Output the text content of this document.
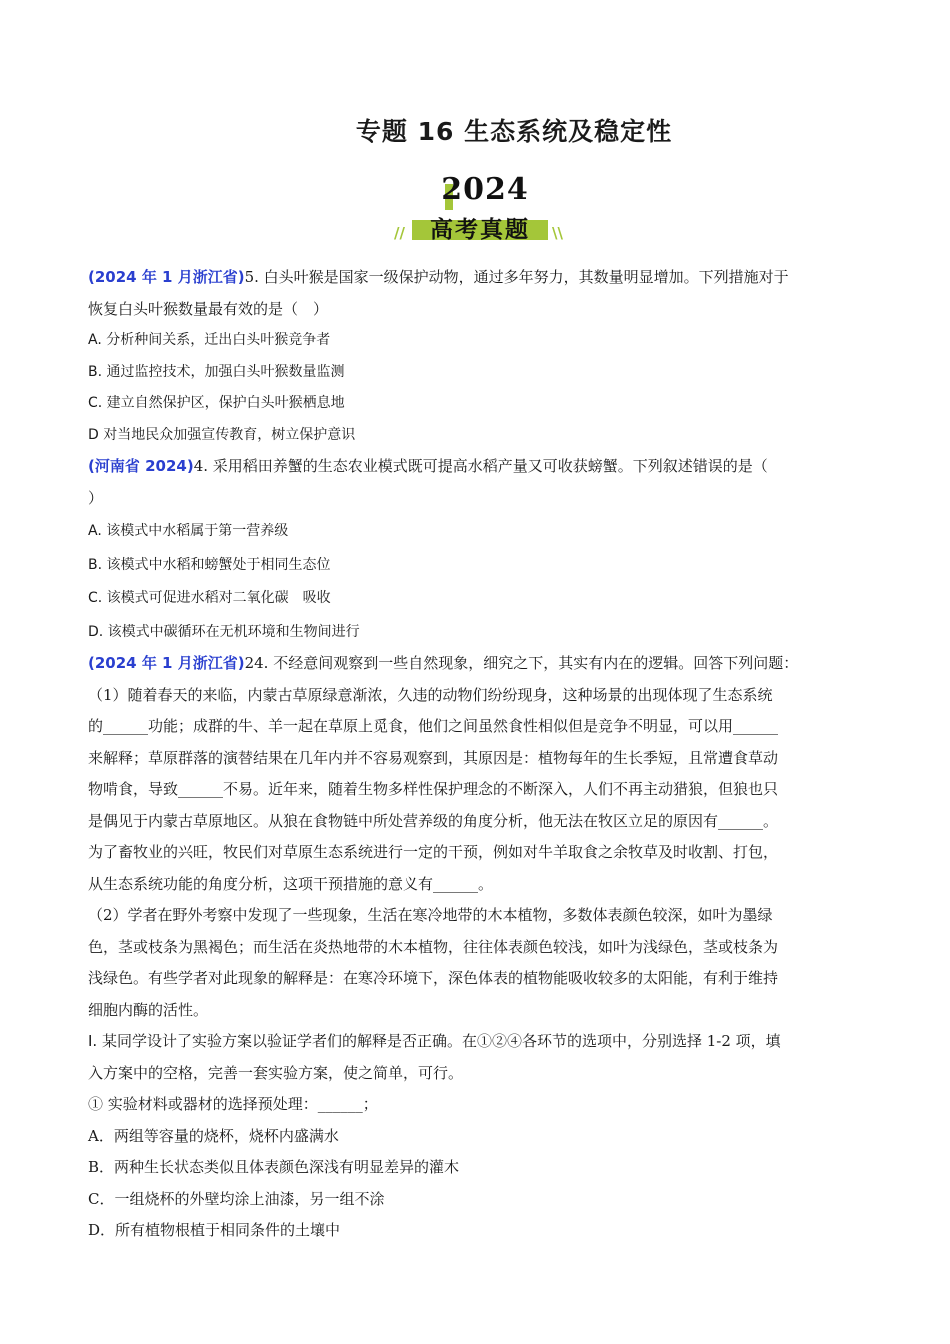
专题 16 生态系统及稳定性
2024
//	高考真题	\\
(2024 年 1 月浙江省)5. 白头叶猴是国家一级保护动物，通过多年努力，其数量明显增加。下列措施对于
恢复白头叶猴数量最有效的是（　）
A. 分析种间关系，迁出白头叶猴竞争者
B. 通过监控技术，加强白头叶猴数量监测
C. 建立自然保护区，保护白头叶猴栖息地
D 对当地民众加强宣传教育，树立保护意识
(河南省 2024)4. 采用稻田养蟹的生态农业模式既可提高水稻产量又可收获螃蟹。下列叙述错误的是（
）
A. 该模式中水稻属于第一营养级
B. 该模式中水稻和螃蟹处于相同生态位
C. 该模式可促进水稻对二氧化碳　吸收
D. 该模式中碳循环在无机环境和生物间进行
(2024 年 1 月浙江省)24. 不经意间观察到一些自然现象，细究之下，其实有内在的逻辑。回答下列问题：
（1）随着春天的来临，内蒙古草原绿意渐浓，久违的动物们纷纷现身，这种场景的出现体现了生态系统
的______功能；成群的牛、羊一起在草原上觅食，他们之间虽然食性相似但是竞争不明显，可以用______
来解释；草原群落的演替结果在几年内并不容易观察到，其原因是：植物每年的生长季短，且常遭食草动
物啃食，导致______不易。近年来，随着生物多样性保护理念的不断深入，人们不再主动猎狼，但狼也只
是偶见于内蒙古草原地区。从狼在食物链中所处营养级的角度分析，他无法在牧区立足的原因有______。
为了畜牧业的兴旺，牧民们对草原生态系统进行一定的干预，例如对牛羊取食之余牧草及时收割、打包，
从生态系统功能的角度分析，这项干预措施的意义有______。
（2）学者在野外考察中发现了一些现象，生活在寒冷地带的木本植物，多数体表颜色较深，如叶为墨绿
色，茎或枝条为黑褐色；而生活在炎热地带的木本植物，往往体表颜色较浅，如叶为浅绿色，茎或枝条为
浅绿色。有些学者对此现象的解释是：在寒冷环境下，深色体表的植物能吸收较多的太阳能，有利于维持
细胞内酶的活性。
I. 某同学设计了实验方案以验证学者们的解释是否正确。在①②④各环节的选项中，分别选择 1-2 项，填
入方案中的空格，完善一套实验方案，使之简单，可行。
① 实验材料或器材的选择预处理：______；
A．两组等容量的烧杯，烧杯内盛满水
B．两种生长状态类似且体表颜色深浅有明显差异的灌木
C．一组烧杯的外壁均涂上油漆，另一组不涂
D．所有植物根植于相同条件的土壤中
